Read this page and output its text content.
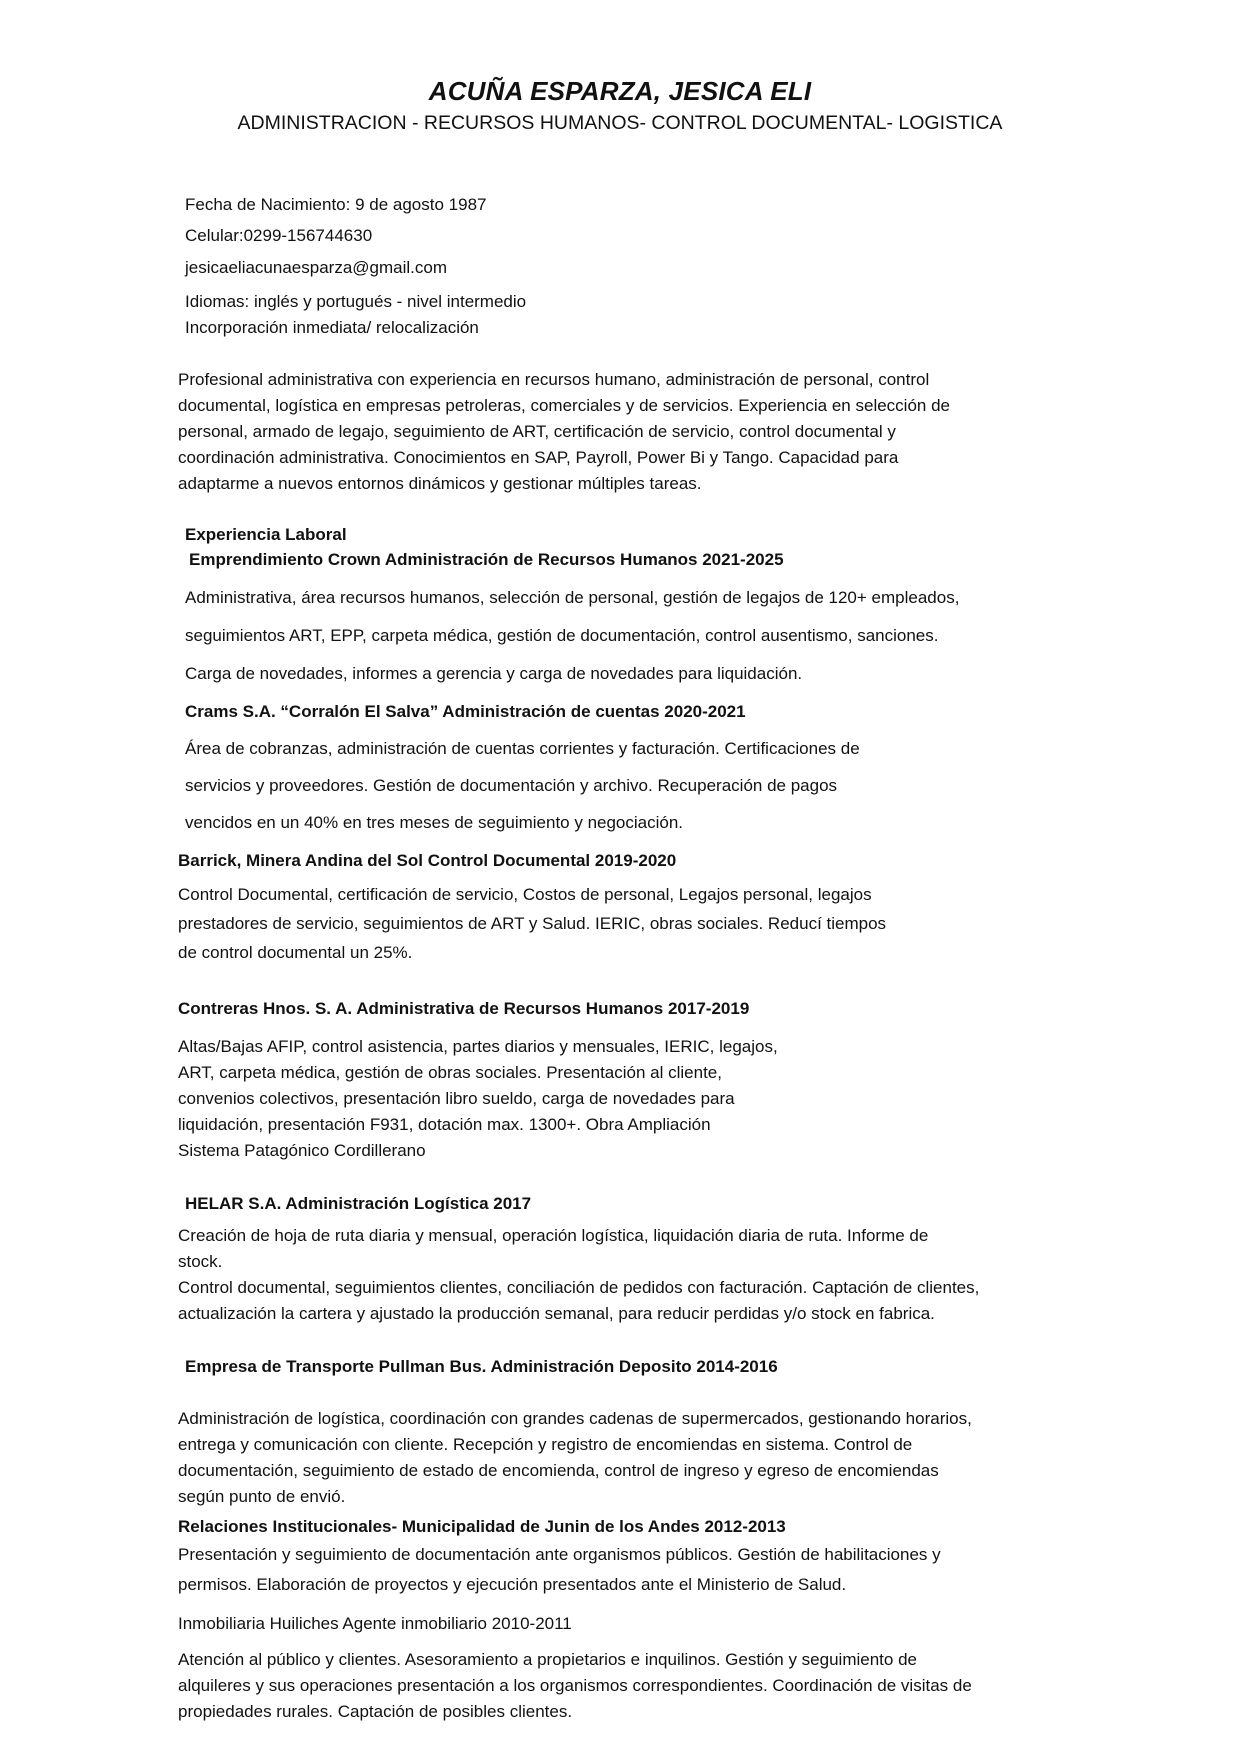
ACUÑA ESPARZA, JESICA ELI
ADMINISTRACION - RECURSOS HUMANOS- CONTROL DOCUMENTAL- LOGISTICA
Fecha de Nacimiento: 9 de agosto 1987
Celular:0299-156744630
jesicaeliacunaesparza@gmail.com
Idiomas: inglés y portugués - nivel intermedio
Incorporación inmediata/ relocalización
Profesional administrativa con experiencia en recursos humano, administración de personal, control
documental, logística en empresas petroleras, comerciales y de servicios. Experiencia en selección de
personal, armado de legajo, seguimiento de ART, certificación de servicio, control documental y
coordinación administrativa. Conocimientos en SAP, Payroll, Power Bi y Tango. Capacidad para
adaptarme a nuevos entornos dinámicos y gestionar múltiples tareas.
Experiencia Laboral
Emprendimiento Crown Administración de Recursos Humanos 2021-2025
Administrativa, área recursos humanos, selección de personal, gestión de legajos de 120+ empleados,
seguimientos ART, EPP, carpeta médica, gestión de documentación, control ausentismo, sanciones.
Carga de novedades, informes a gerencia y carga de novedades para liquidación.
Crams S.A. “Corralón El Salva” Administración de cuentas 2020-2021
Área de cobranzas, administración de cuentas corrientes y facturación. Certificaciones de
servicios y proveedores. Gestión de documentación y archivo. Recuperación de pagos
vencidos en un 40% en tres meses de seguimiento y negociación.
Barrick, Minera Andina del Sol Control Documental 2019-2020
Control Documental, certificación de servicio, Costos de personal, Legajos personal, legajos
prestadores de servicio, seguimientos de ART y Salud. IERIC, obras sociales. Reducí tiempos
de control documental un 25%.
Contreras Hnos. S. A. Administrativa de Recursos Humanos 2017-2019
Altas/Bajas AFIP, control asistencia, partes diarios y mensuales, IERIC, legajos,
ART, carpeta médica, gestión de obras sociales. Presentación al cliente,
convenios colectivos, presentación libro sueldo, carga de novedades para
liquidación, presentación F931, dotación max. 1300+. Obra Ampliación
Sistema Patagónico Cordillerano
HELAR S.A. Administración Logística 2017
Creación de hoja de ruta diaria y mensual, operación logística, liquidación diaria de ruta. Informe de
stock.
Control documental, seguimientos clientes, conciliación de pedidos con facturación. Captación de clientes,
actualización la cartera y ajustado la producción semanal, para reducir perdidas y/o stock en fabrica.
Empresa de Transporte Pullman Bus. Administración Deposito 2014-2016
Administración de logística, coordinación con grandes cadenas de supermercados, gestionando horarios,
entrega y comunicación con cliente. Recepción y registro de encomiendas en sistema. Control de
documentación, seguimiento de estado de encomienda, control de ingreso y egreso de encomiendas
según punto de envió.
Relaciones Institucionales- Municipalidad de Junin de los Andes 2012-2013
Presentación y seguimiento de documentación ante organismos públicos. Gestión de habilitaciones y
permisos. Elaboración de proyectos y ejecución presentados ante el Ministerio de Salud.
Inmobiliaria Huiliches Agente inmobiliario 2010-2011
Atención al público y clientes. Asesoramiento a propietarios e inquilinos. Gestión y seguimiento de
alquileres y sus operaciones presentación a los organismos correspondientes. Coordinación de visitas de
propiedades rurales. Captación de posibles clientes.
